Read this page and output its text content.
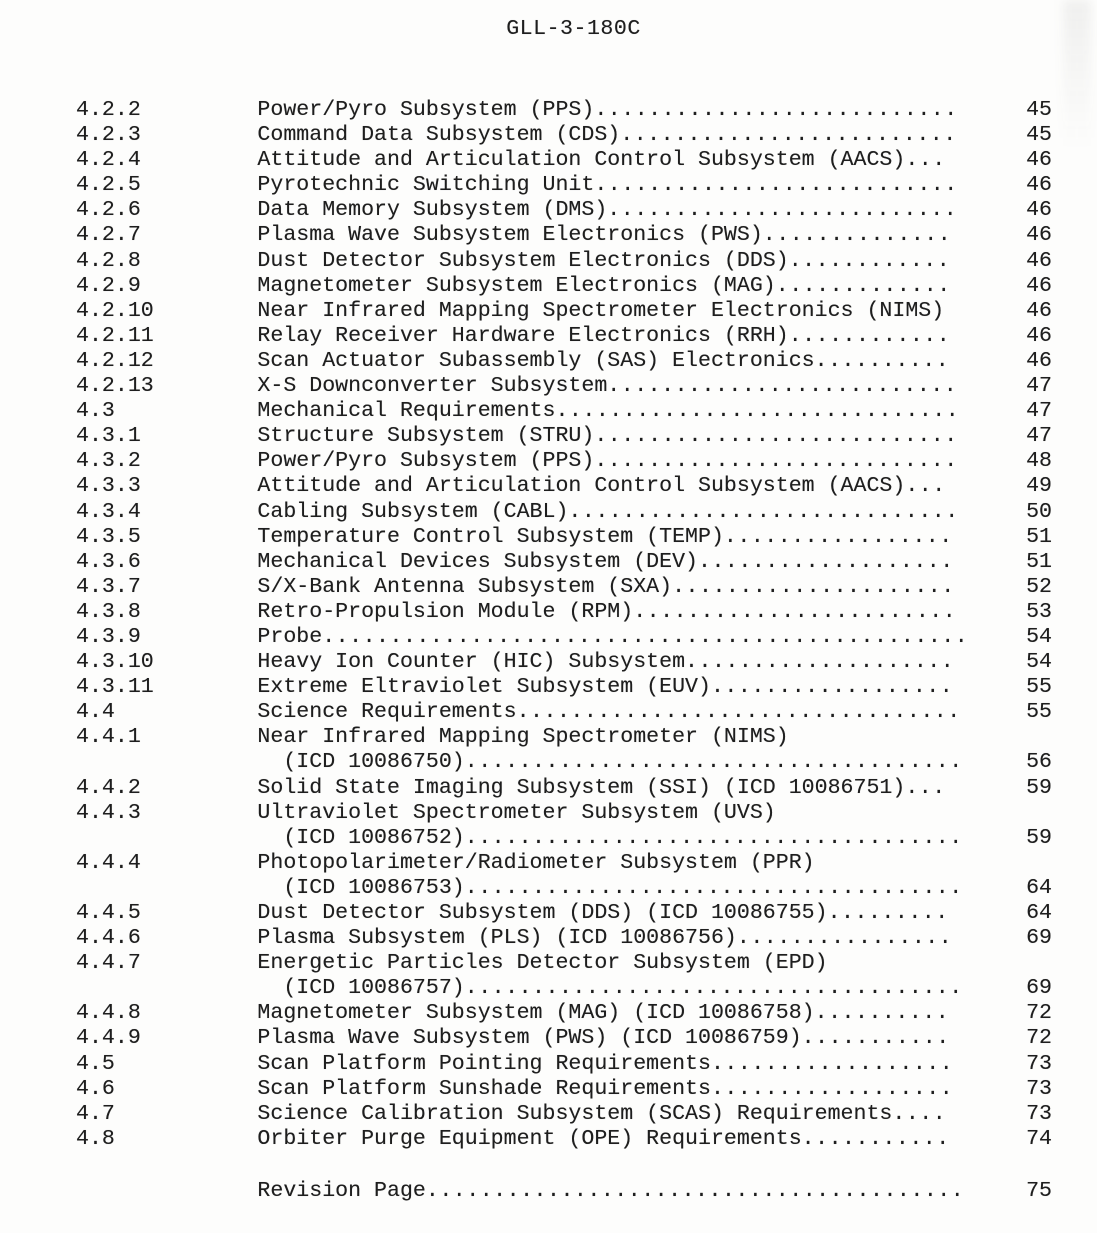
GLL-3-180C
4.2.2	Power/Pyro Subsystem (PPS) ...........................	45
4.2.3	Command Data Subsystem (CDS) .........................	45
4.2.4	Attitude and Articulation Control Subsystem (AACS) ...	46
4.2.5	Pyrotechnic Switching Unit ...........................	46
4.2.6	Data Memory Subsystem (DMS) ..........................	46
4.2.7	Plasma Wave Subsystem Electronics (PWS) ..............	46
4.2.8	Dust Detector Subsystem Electronics (DDS) ............	46
4.2.9	Magnetometer Subsystem Electronics (MAG) .............	46
4.2.10	Near Infrared Mapping Spectrometer Electronics (NIMS)	46
4.2.11	Relay Receiver Hardware Electronics (RRH) ............	46
4.2.12	Scan Actuator Subassembly (SAS) Electronics ..........	46
4.2.13	X-S Downconverter Subsystem ..........................	47
4.3	Mechanical Requirements ..............................	47
4.3.1	Structure Subsystem (STRU) ...........................	47
4.3.2	Power/Pyro Subsystem (PPS) ...........................	48
4.3.3	Attitude and Articulation Control Subsystem (AACS) ...	49
4.3.4	Cabling Subsystem (CABL) .............................	50
4.3.5	Temperature Control Subsystem (TEMP) .................	51
4.3.6	Mechanical Devices Subsystem (DEV) ...................	51
4.3.7	S/X-Bank Antenna Subsystem (SXA) .....................	52
4.3.8	Retro-Propulsion Module (RPM) ........................	53
4.3.9	Probe ................................................	54
4.3.10	Heavy Ion Counter (HIC) Subsystem ....................	54
4.3.11	Extreme Eltraviolet Subsystem (EUV) ..................	55
4.4	Science Requirements .................................	55
4.4.1	Near Infrared Mapping Spectrometer (NIMS)
(ICD 10086750) .....................................	56
4.4.2	Solid State Imaging Subsystem (SSI) (ICD 10086751) ...	59
4.4.3	Ultraviolet Spectrometer Subsystem (UVS)
(ICD 10086752) .....................................	59
4.4.4	Photopolarimeter/Radiometer Subsystem (PPR)
(ICD 10086753) .....................................	64
4.4.5	Dust Detector Subsystem (DDS) (ICD 10086755) .........	64
4.4.6	Plasma Subsystem (PLS) (ICD 10086756) ................	69
4.4.7	Energetic Particles Detector Subsystem (EPD)
(ICD 10086757) .....................................	69
4.4.8	Magnetometer Subsystem (MAG) (ICD 10086758) ..........	72
4.4.9	Plasma Wave Subsystem (PWS) (ICD 10086759) ...........	72
4.5	Scan Platform Pointing Requirements ..................	73
4.6	Scan Platform Sunshade Requirements ..................	73
4.7	Science Calibration Subsystem (SCAS) Requirements ....	73
4.8	Orbiter Purge Equipment (OPE) Requirements ...........	74
Revision Page ........................................	75
